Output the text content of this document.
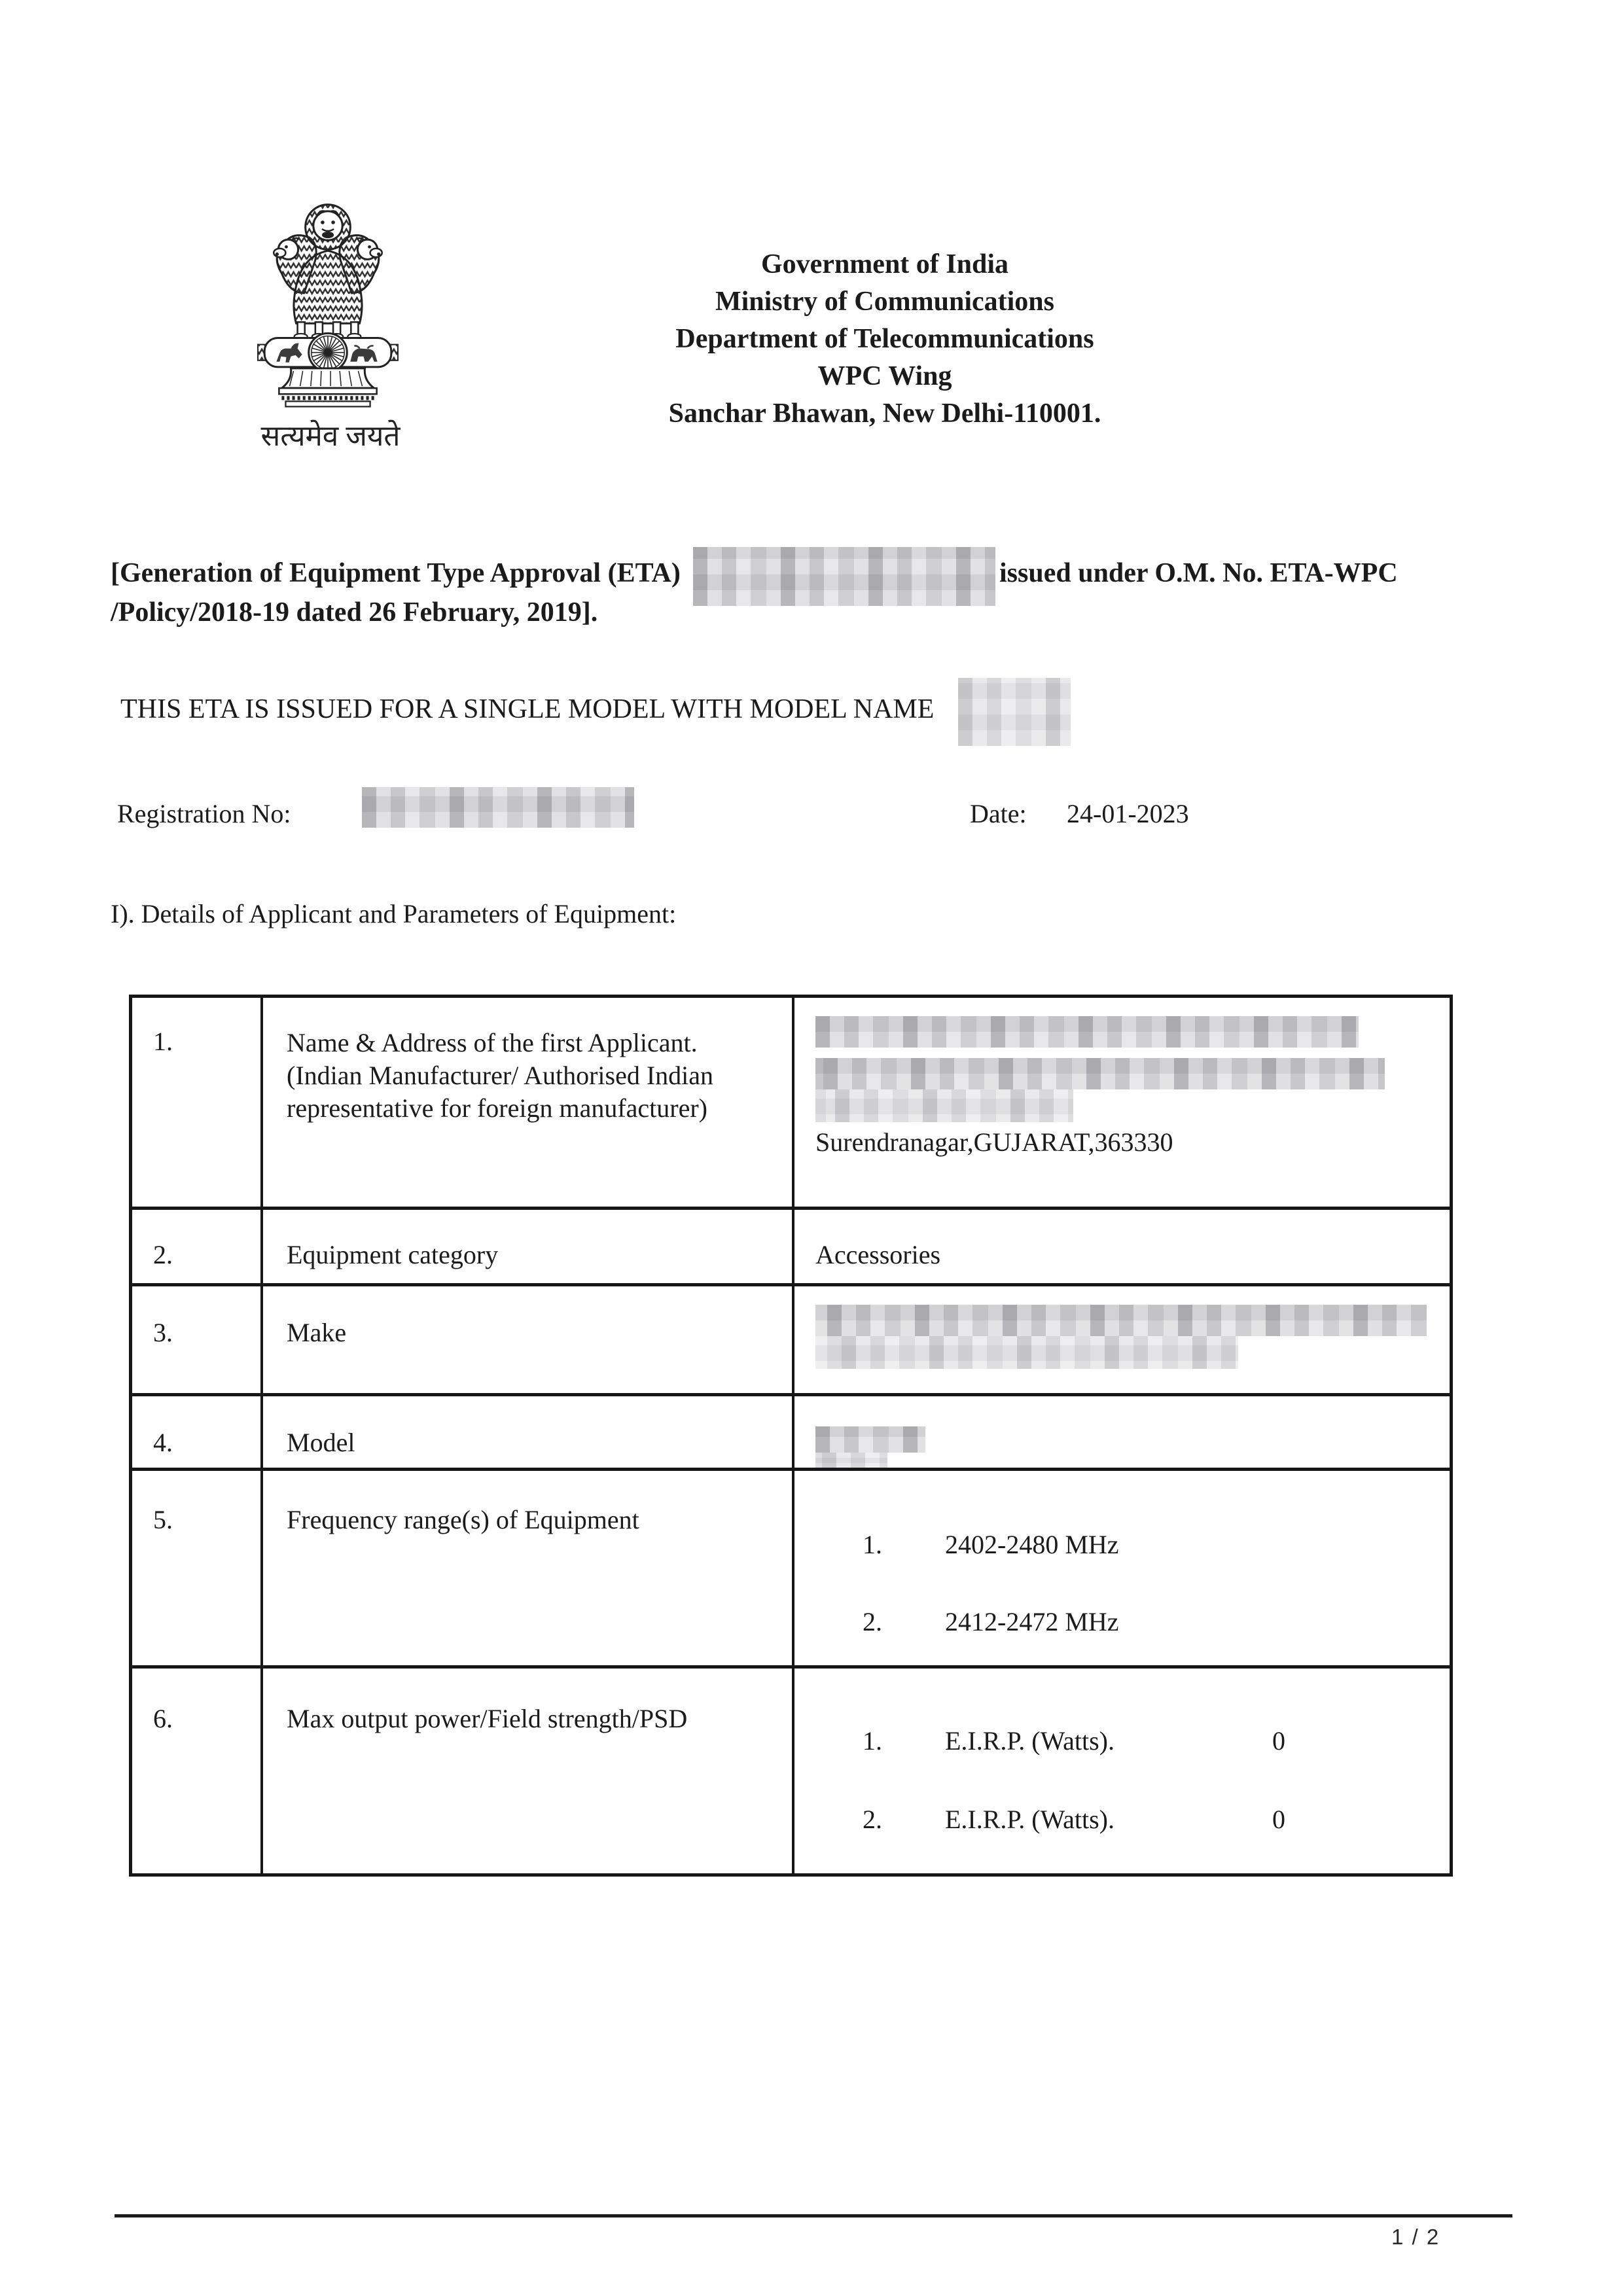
सत्यमेव जयते
Government of India
Ministry of Communications
Department of Telecommunications
WPC Wing
Sanchar Bhawan, New Delhi-110001.
[Generation of Equipment Type Approval (ETA)	issued under O.M. No. ETA-WPC
/Policy/2018-19 dated 26 February, 2019].
THIS ETA IS ISSUED FOR A SINGLE MODEL WITH MODEL NAME
Registration No:	Date: 24-01-2023
I). Details of Applicant and Parameters of Equipment:
1.	Name & Address of the first Applicant.
(Indian Manufacturer/ Authorised Indian
representative for foreign manufacturer)
Surendranagar,GUJARAT,363330
2.	Equipment category	Accessories
3.	Make
4.	Model
5.	Frequency range(s) of Equipment
1. 2402-2480 MHz
2. 2412-2472 MHz
6.	Max output power/Field strength/PSD
1. E.I.R.P. (Watts).	0
2. E.I.R.P. (Watts).	0
1 / 2
